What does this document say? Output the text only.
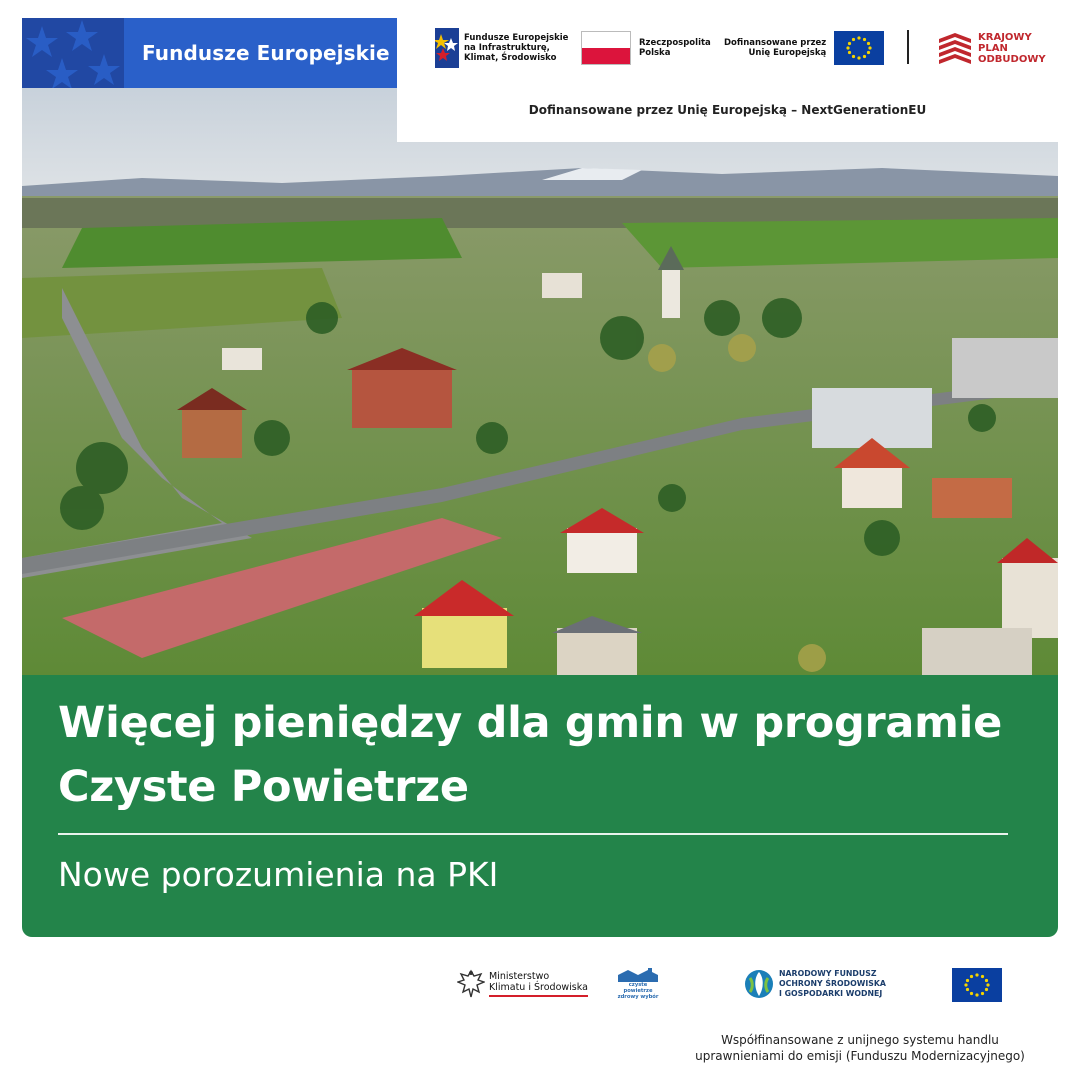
Fundusze Europejskie
Fundusze Europejskie
na Infrastrukturę,
Klimat, Środowisko
Rzeczpospolita
Polska
Dofinansowane przez
Unię Europejską
KRAJOWY
PLAN
ODBUDOWY
Dofinansowane przez Unię Europejską – NextGenerationEU
Więcej pieniędzy dla gmin w programie Czyste Powietrze
Nowe porozumienia na PKI
Ministerstwo
Klimatu i Środowiska	czyste powietrze
zdrowy wybór
NARODOWY FUNDUSZ
OCHRONY ŚRODOWISKA
I GOSPODARKI WODNEJ
Współfinansowane z unijnego systemu handlu
uprawnieniami do emisji (Funduszu Modernizacyjnego)
